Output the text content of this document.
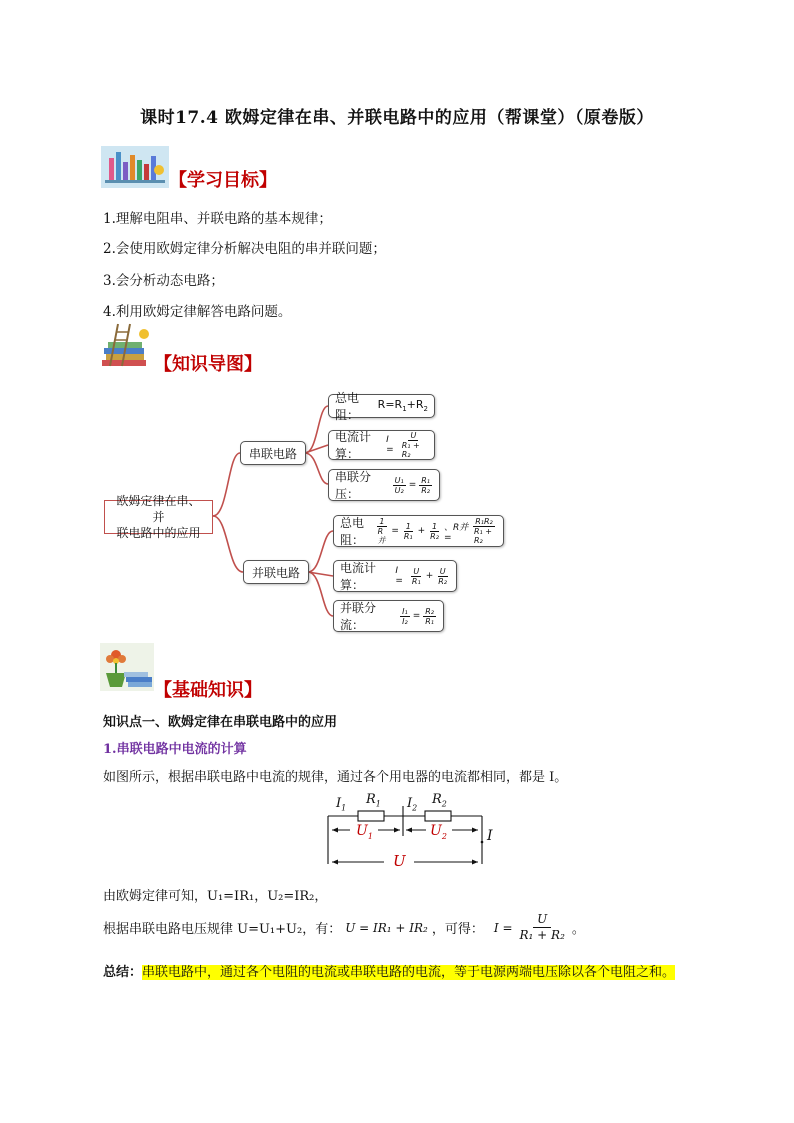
课时17.4 欧姆定律在串、并联电路中的应用（帮课堂）（原卷版）
【学习目标】
1.理解电阻串、并联电路的基本规律；
2.会使用欧姆定律分析解决电阻的串并联问题；
3.会分析动态电路；
4.利用欧姆定律解答电路问题。
【知识导图】
欧姆定律在串、并
联电路中的应用
串联电路
并联电路
总电阻：
$R=R_1+R_2$
电流计算：
$I = \frac{U}{\text{R₁ + R₂}}$
串联分压：	$\frac{\text{U₁}}{\text{U₂}} = \frac{\text{R₁}}{\text{R₂}}$
总电阻：	$\frac{1}{\text{R并}} = \frac{1}{\text{R₁}} + \frac{1}{\text{R₂}}$ 、R并 =	$\frac{\text{R₁R₂}}{\text{R₁ + R₂}}$
电流计算：
$I = \frac{U}{\text{R₁}} + \frac{U}{\text{R₂}}$
并联分流：	$\frac{\text{I₁}}{\text{I₂}} = \frac{\text{R₂}}{\text{R₁}}$
【基础知识】
知识点一、欧姆定律在串联电路中的应用
1.串联电路中电流的计算
如图所示，根据串联电路中电流的规律，通过各个用电器的电流都相同，都是 I。
$I_1$
$R_1$ $I_2$
$R_2$
$U_1$	$U_2$	I
U
由欧姆定律可知，U₁=IR₁，U₂=IR₂，
根据串联电路电压规律 U=U₁+U₂，有： U = IR₁ + IR₂ ，可得： $I = \frac{U}{\text{R₁ + R₂}}$ 。
总结：串联电路中，通过各个电阻的电流或串联电路的电流，等于电源两端电压除以各个电阻之和。
